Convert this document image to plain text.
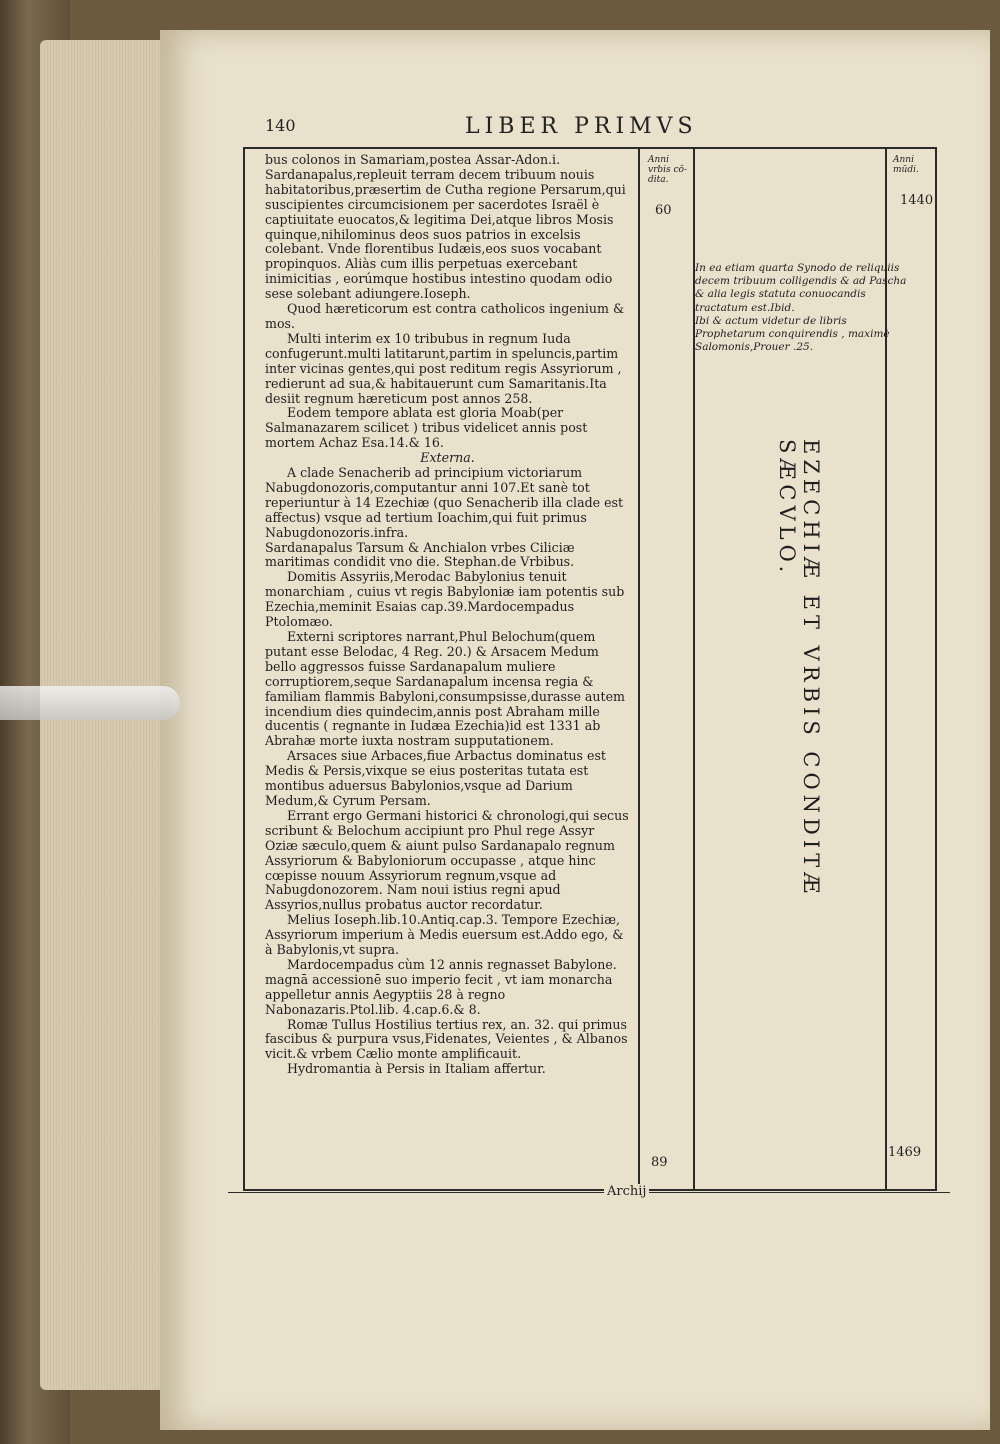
140	LIBER PRIMVS

bus colonos in Samariam,postea Assar-Adon.i. Sardanapalus,repleuit terram decem tribuum nouis habitatoribus,præsertim de Cutha regione Persarum,qui suscipientes circumcisionem per sacerdotes Israël è captiuitate euocatos,& legitima Dei,atque libros Mosis quinque,nihilominus deos suos patrios in excelsis colebant. Vnde florentibus Iudæis,eos suos vocabant propinquos. Aliàs cum illis perpetuas exercebant inimicitias , eorúmque hostibus intestino quodam odio sese solebant adiungere.Ioseph.

Quod hæreticorum est contra catholicos ingenium & mos.

Multi interim ex 10 tribubus in regnum Iuda confugerunt.multi latitarunt,partim in speluncis,partim inter vicinas gentes,qui post reditum regis Assyriorum , redierunt ad sua,& habitauerunt cum Samaritanis.Ita desiit regnum hæreticum post annos 258.

Eodem tempore ablata est gloria Moab(per Salmanazarem scilicet ) tribus videlicet annis post mortem Achaz Esa.14.& 16.

Externa.

A clade Senacherib ad principium victoriarum Nabugdonozoris,computantur anni 107.Et sanè tot reperiuntur à 14 Ezechiæ (quo Senacherib illa clade est affectus) vsque ad tertium Ioachim,qui fuit primus Nabugdonozoris.infra.

Sardanapalus Tarsum & Anchialon vrbes Ciliciæ maritimas condidit vno die. Stephan.de Vrbibus.

Domitis Assyriis,Merodac Babylonius tenuit monarchiam , cuius vt regis Babyloniæ iam potentis sub Ezechia,meminit Esaias cap.39.Mardocempadus Ptolomæo.

Externi scriptores narrant,Phul Belochum(quem putant esse Belodac, 4 Reg. 20.) & Arsacem Medum bello aggressos fuisse Sardanapalum muliere corruptiorem,seque Sardanapalum incensa regia & familiam flammis Babyloni,consumpsisse,durasse autem incendium dies quindecim,annis post Abraham mille ducentis ( regnante in Iudæa Ezechia)id est 1331 ab Abrahæ morte iuxta nostram supputationem.

Arsaces siue Arbaces,fiue Arbactus dominatus est Medis & Persis,vixque se eius posteritas tutata est montibus aduersus Babylonios,vsque ad Darium Medum,& Cyrum Persam.

Errant ergo Germani historici & chronologi,qui secus scribunt & Belochum accipiunt pro Phul rege Assyr Oziæ sæculo,quem & aiunt pulso Sardanapalo regnum Assyriorum & Babyloniorum occupasse , atque hinc cœpisse nouum Assyriorum regnum,vsque ad Nabugdonozorem. Nam noui istius regni apud Assyrios,nullus probatus auctor recordatur.

Melius Ioseph.lib.10.Antiq.cap.3. Tempore Ezechiæ, Assyriorum imperium à Medis euersum est.Addo ego, & à Babylonis,vt supra.

Mardocempadus cùm 12 annis regnasset Babylone. magnā accessionē suo imperio fecit , vt iam monarcha appelletur annis Aegyptiis 28 à regno Nabonazaris.Ptol.lib. 4.cap.6.& 8.

Romæ Tullus Hostilius tertius rex, an. 32. qui primus fascibus & purpura vsus,Fidenates, Veientes , & Albanos vicit.& vrbem Cælio monte amplificauit.

Hydromantia à Persis in Italiam affertur.

Anni vrbis cō-dita.
60
89
Anni mūdi.
1440
1469

In ea etiam quarta Synodo de reliquiis decem tribuum colligendis & ad Pascha & alia legis statuta conuocandis tractatum est.Ibid.

Ibi & actum videtur de libris Prophetarum conquirendis , maximè Salomonis,Prouer .25.

EZECHIÆ ET VRBIS CONDITÆ SÆCVLO.
Archij
